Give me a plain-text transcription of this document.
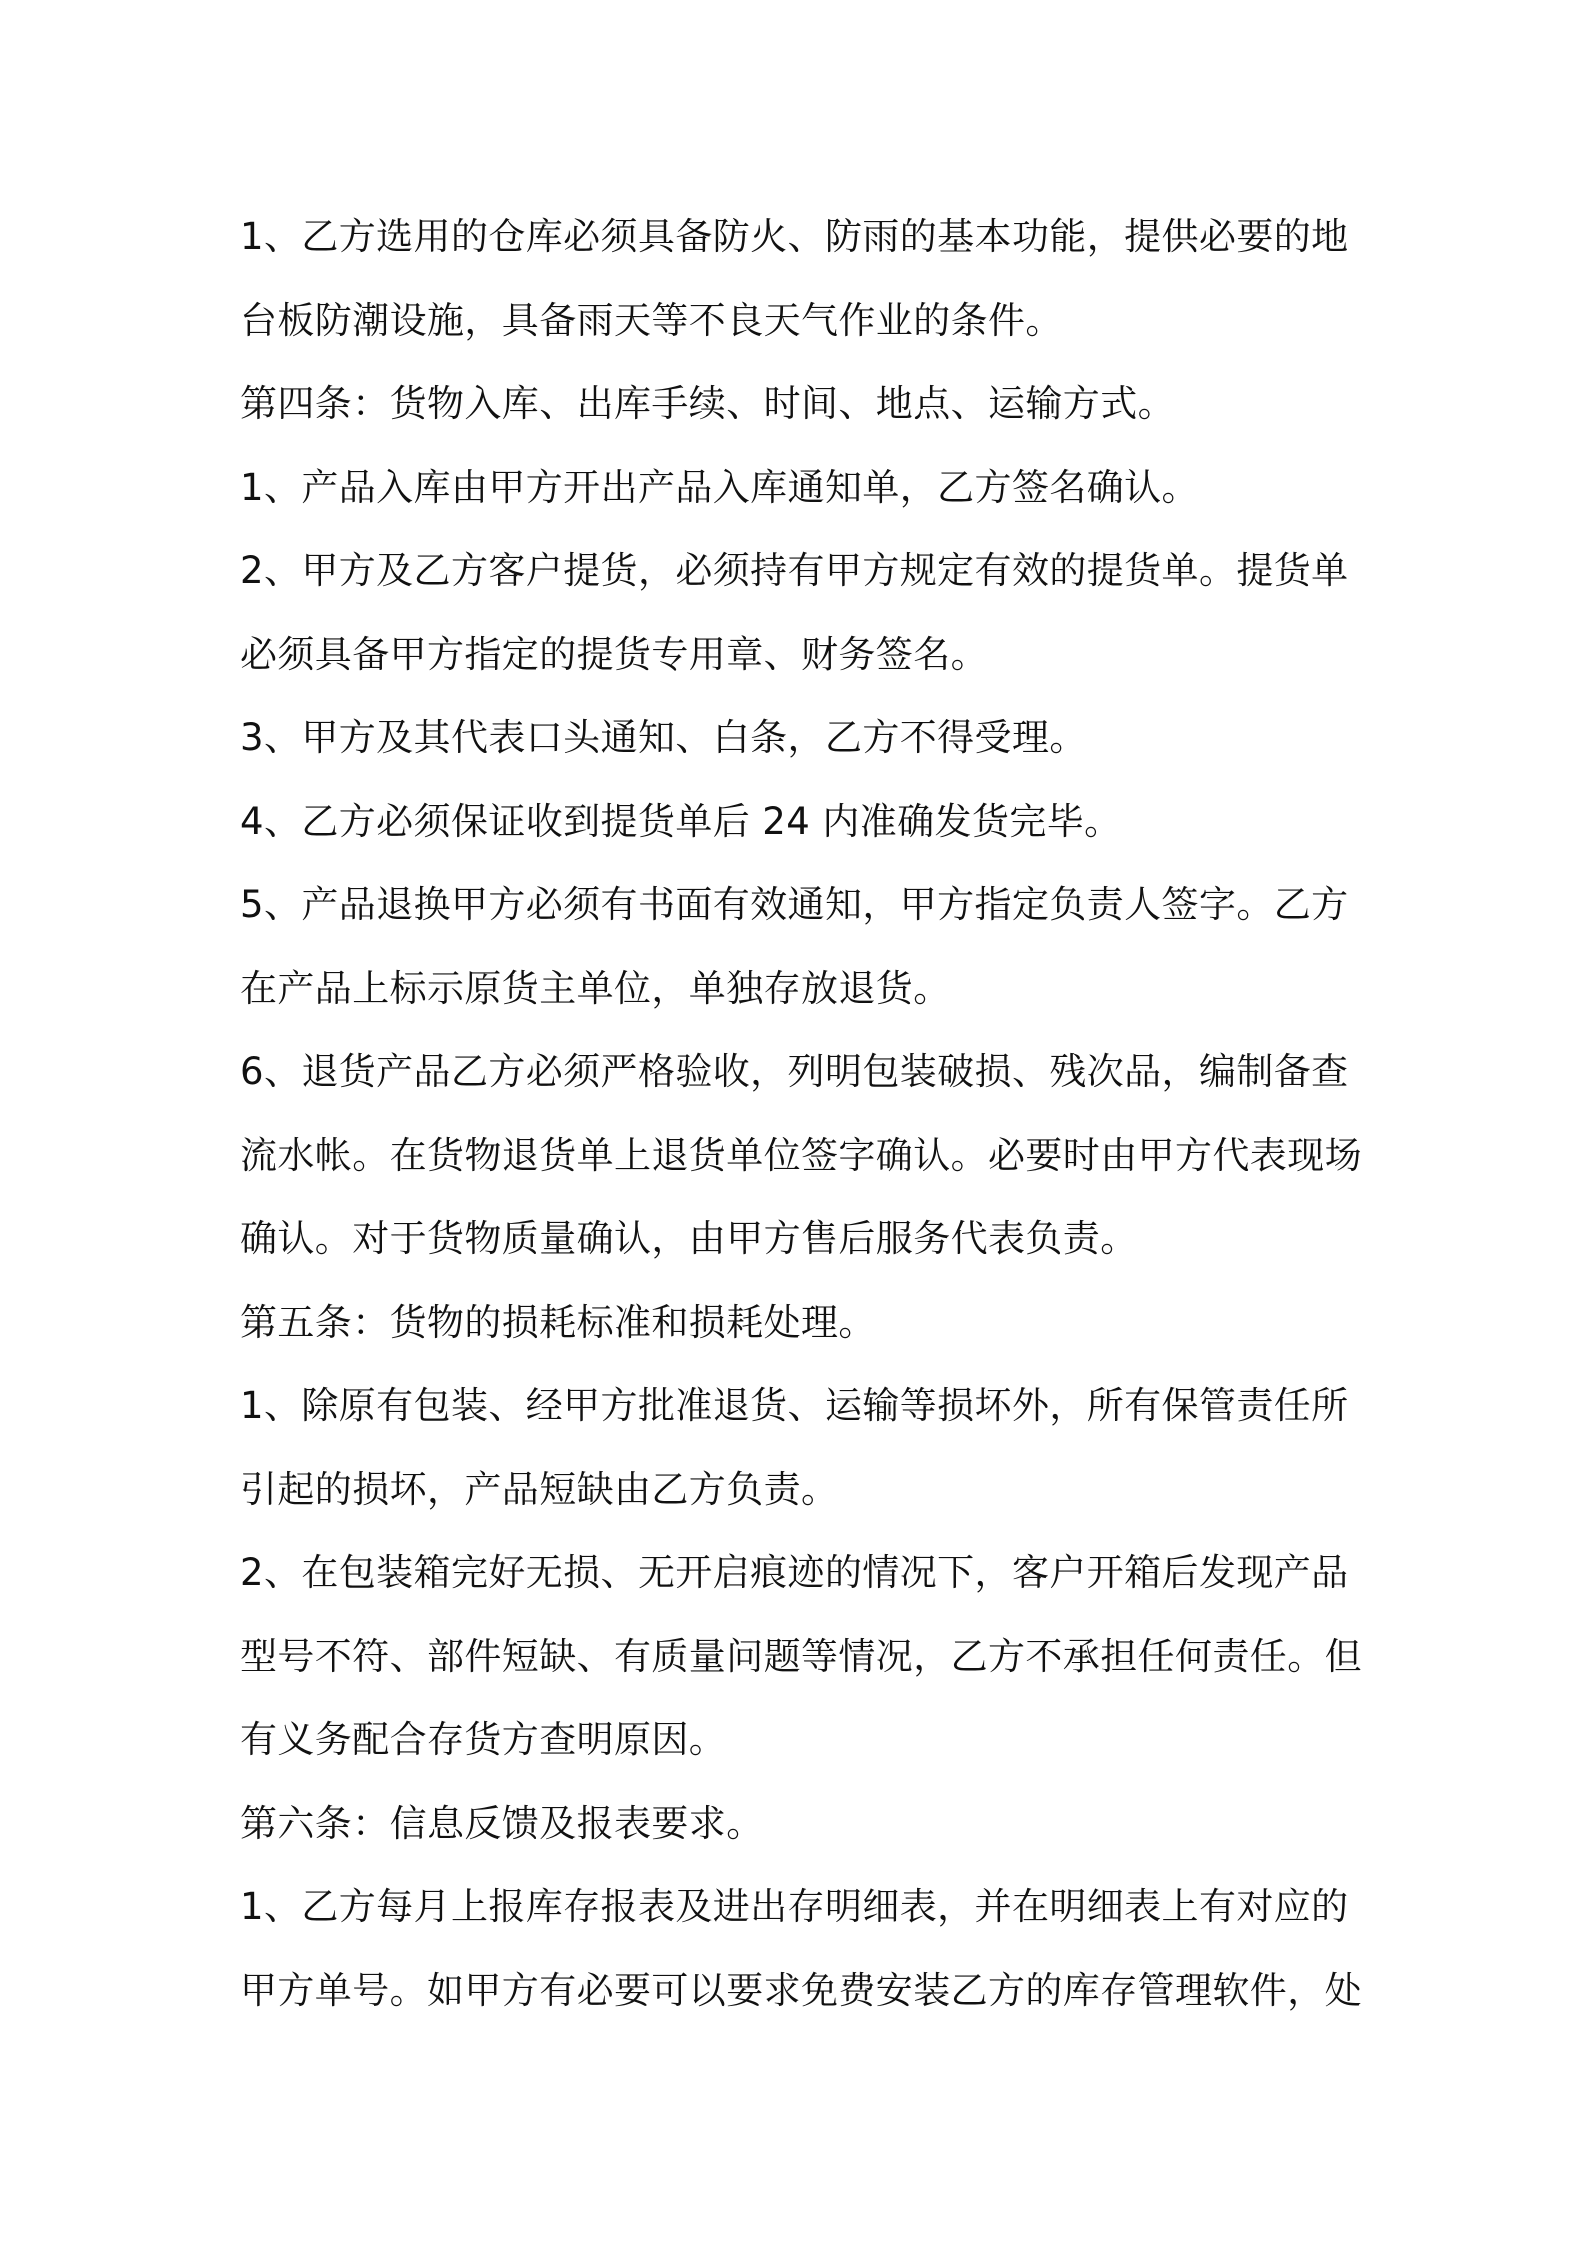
1、乙方选用的仓库必须具备防火、防雨的基本功能，提供必要的地
台板防潮设施，具备雨天等不良天气作业的条件。
第四条：货物入库、出库手续、时间、地点、运输方式。
1、产品入库由甲方开出产品入库通知单，乙方签名确认。
2、甲方及乙方客户提货，必须持有甲方规定有效的提货单。提货单
必须具备甲方指定的提货专用章、财务签名。
3、甲方及其代表口头通知、白条，乙方不得受理。
4、乙方必须保证收到提货单后 24 内准确发货完毕。
5、产品退换甲方必须有书面有效通知，甲方指定负责人签字。乙方
在产品上标示原货主单位，单独存放退货。
6、退货产品乙方必须严格验收，列明包装破损、残次品，编制备查
流水帐。在货物退货单上退货单位签字确认。必要时由甲方代表现场
确认。对于货物质量确认，由甲方售后服务代表负责。
第五条：货物的损耗标准和损耗处理。
1、除原有包装、经甲方批准退货、运输等损坏外，所有保管责任所
引起的损坏，产品短缺由乙方负责。
2、在包装箱完好无损、无开启痕迹的情况下，客户开箱后发现产品
型号不符、部件短缺、有质量问题等情况，乙方不承担任何责任。但
有义务配合存货方查明原因。
第六条：信息反馈及报表要求。
1、乙方每月上报库存报表及进出存明细表，并在明细表上有对应的
甲方单号。如甲方有必要可以要求免费安装乙方的库存管理软件，处
